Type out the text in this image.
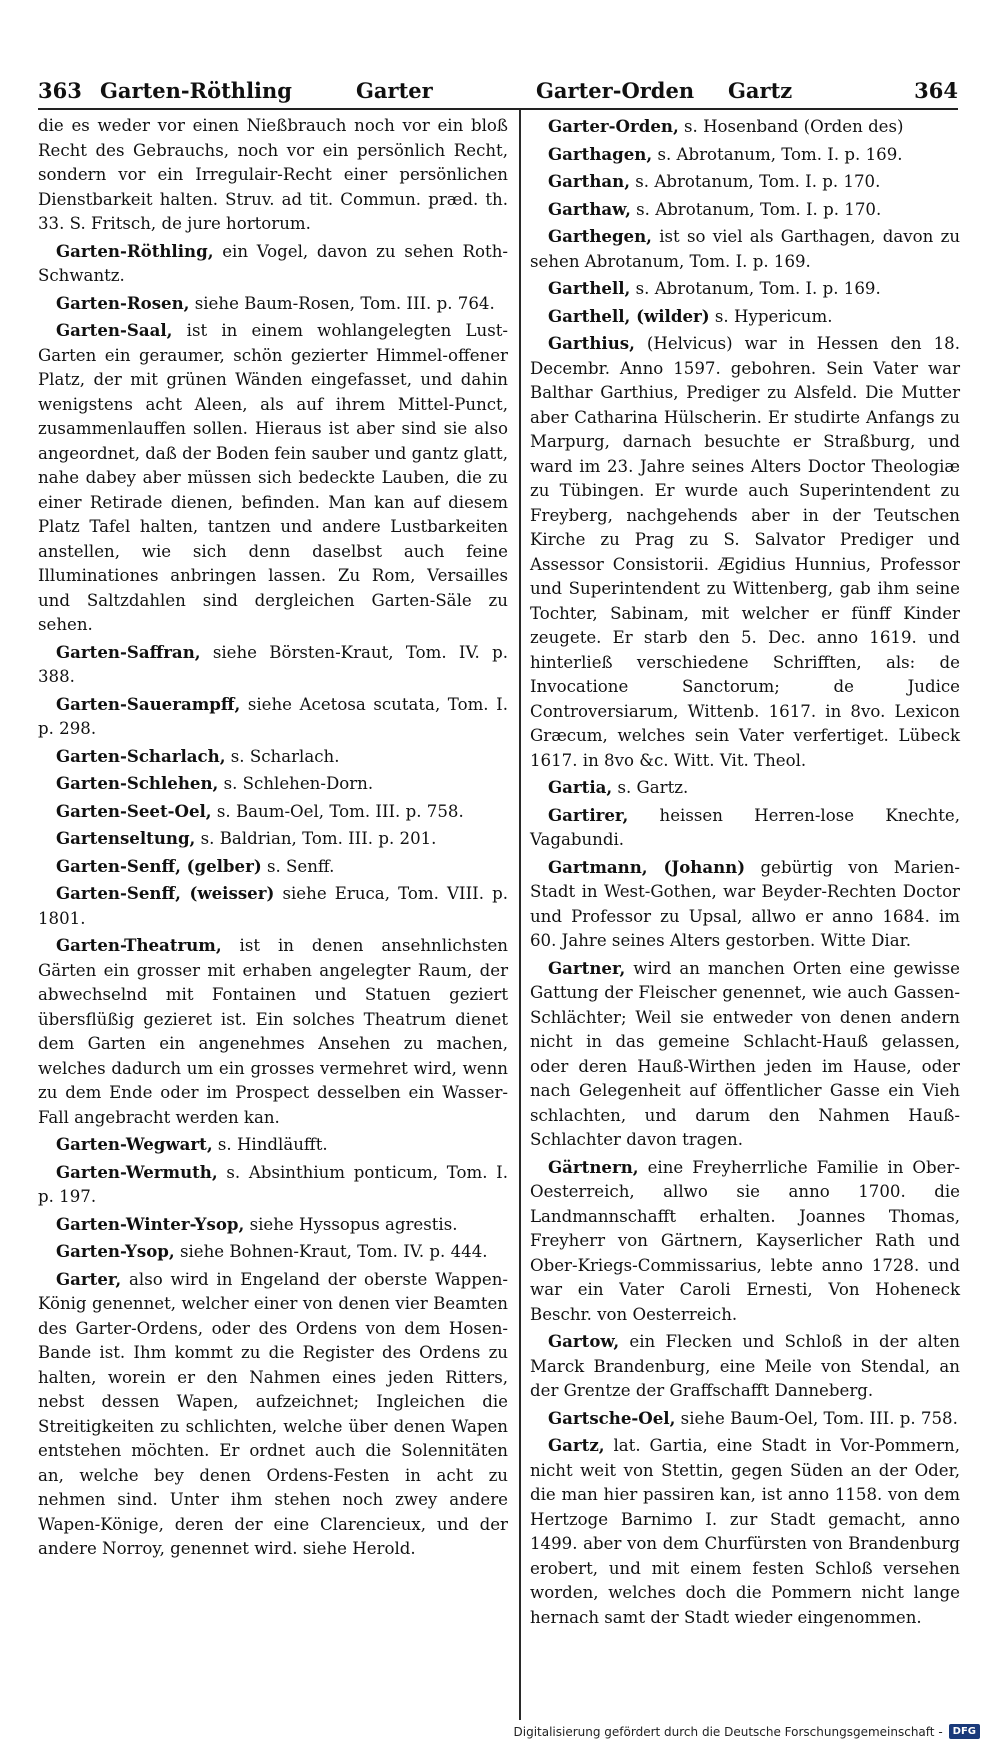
363 Garten-Röthling	Garter	Garter-Orden Gartz	364

die es weder vor einen Nießbrauch noch vor ein bloß Recht des Gebrauchs, noch vor ein persönlich Recht, sondern vor ein Irregulair-Recht einer persönlichen Dienstbarkeit halten. Struv. ad tit. Commun. præd. th. 33. S. Fritsch, de jure hortorum.

Garten-Röthling, ein Vogel, davon zu sehen Roth-Schwantz.

Garten-Rosen, siehe Baum-Rosen, Tom. III. p. 764.

Garten-Saal, ist in einem wohlangelegten Lust-Garten ein geraumer, schön gezierter Himmel-offener Platz, der mit grünen Wänden eingefasset, und dahin wenigstens acht Aleen, als auf ihrem Mittel-Punct, zusammenlauffen sollen. Hieraus ist aber sind sie also angeordnet, daß der Boden fein sauber und gantz glatt, nahe dabey aber müssen sich bedeckte Lauben, die zu einer Retirade dienen, befinden. Man kan auf diesem Platz Tafel halten, tantzen und andere Lustbarkeiten anstellen, wie sich denn daselbst auch feine Illuminationes anbringen lassen. Zu Rom, Versailles und Saltzdahlen sind dergleichen Garten-Säle zu sehen.

Garten-Saffran, siehe Börsten-Kraut, Tom. IV. p. 388.

Garten-Sauerampff, siehe Acetosa scutata, Tom. I. p. 298.

Garten-Scharlach, s. Scharlach.

Garten-Schlehen, s. Schlehen-Dorn.

Garten-Seet-Oel, s. Baum-Oel, Tom. III. p. 758.

Gartenseltung, s. Baldrian, Tom. III. p. 201.

Garten-Senff, (gelber) s. Senff.

Garten-Senff, (weisser) siehe Eruca, Tom. VIII. p. 1801.

Garten-Theatrum, ist in denen ansehnlichsten Gärten ein grosser mit erhaben angelegter Raum, der abwechselnd mit Fontainen und Statuen geziert übersflüßig gezieret ist. Ein solches Theatrum dienet dem Garten ein angenehmes Ansehen zu machen, welches dadurch um ein grosses vermehret wird, wenn zu dem Ende oder im Prospect desselben ein Wasser-Fall angebracht werden kan.

Garten-Wegwart, s. Hindläufft.

Garten-Wermuth, s. Absinthium ponticum, Tom. I. p. 197.

Garten-Winter-Ysop, siehe Hyssopus agrestis.

Garten-Ysop, siehe Bohnen-Kraut, Tom. IV. p. 444.

Garter, also wird in Engeland der oberste Wappen-König genennet, welcher einer von denen vier Beamten des Garter-Ordens, oder des Ordens von dem Hosen-Bande ist. Ihm kommt zu die Register des Ordens zu halten, worein er den Nahmen eines jeden Ritters, nebst dessen Wapen, aufzeichnet; Ingleichen die Streitigkeiten zu schlichten, welche über denen Wapen entstehen möchten. Er ordnet auch die Solennitäten an, welche bey denen Ordens-Festen in acht zu nehmen sind. Unter ihm stehen noch zwey andere Wapen-Könige, deren der eine Clarencieux, und der andere Norroy, genennet wird. siehe Herold.

Garter-Orden, s. Hosenband (Orden des)

Garthagen, s. Abrotanum, Tom. I. p. 169.

Garthan, s. Abrotanum, Tom. I. p. 170.

Garthaw, s. Abrotanum, Tom. I. p. 170.

Garthegen, ist so viel als Garthagen, davon zu sehen Abrotanum, Tom. I. p. 169.

Garthell, s. Abrotanum, Tom. I. p. 169.

Garthell, (wilder) s. Hypericum.

Garthius, (Helvicus) war in Hessen den 18. Decembr. Anno 1597. gebohren. Sein Vater war Balthar Garthius, Prediger zu Alsfeld. Die Mutter aber Catharina Hülscherin. Er studirte Anfangs zu Marpurg, darnach besuchte er Straßburg, und ward im 23. Jahre seines Alters Doctor Theologiæ zu Tübingen. Er wurde auch Superintendent zu Freyberg, nachgehends aber in der Teutschen Kirche zu Prag zu S. Salvator Prediger und Assessor Consistorii. Ægidius Hunnius, Professor und Superintendent zu Wittenberg, gab ihm seine Tochter, Sabinam, mit welcher er fünff Kinder zeugete. Er starb den 5. Dec. anno 1619. und hinterließ verschiedene Schrifften, als: de Invocatione Sanctorum; de Judice Controversiarum, Wittenb. 1617. in 8vo. Lexicon Græcum, welches sein Vater verfertiget. Lübeck 1617. in 8vo &c. Witt. Vit. Theol.

Gartia, s. Gartz.

Gartirer, heissen Herren-lose Knechte, Vagabundi.

Gartmann, (Johann) gebürtig von Marien-Stadt in West-Gothen, war Beyder-Rechten Doctor und Professor zu Upsal, allwo er anno 1684. im 60. Jahre seines Alters gestorben. Witte Diar.

Gartner, wird an manchen Orten eine gewisse Gattung der Fleischer genennet, wie auch Gassen-Schlächter; Weil sie entweder von denen andern nicht in das gemeine Schlacht-Hauß gelassen, oder deren Hauß-Wirthen jeden im Hause, oder nach Gelegenheit auf öffentlicher Gasse ein Vieh schlachten, und darum den Nahmen Hauß-Schlachter davon tragen.

Gärtnern, eine Freyherrliche Familie in Ober-Oesterreich, allwo sie anno 1700. die Landmannschafft erhalten. Joannes Thomas, Freyherr von Gärtnern, Kayserlicher Rath und Ober-Kriegs-Commissarius, lebte anno 1728. und war ein Vater Caroli Ernesti, Von Hoheneck Beschr. von Oesterreich.

Gartow, ein Flecken und Schloß in der alten Marck Brandenburg, eine Meile von Stendal, an der Grentze der Graffschafft Danneberg.

Gartsche-Oel, siehe Baum-Oel, Tom. III. p. 758.

Gartz, lat. Gartia, eine Stadt in Vor-Pommern, nicht weit von Stettin, gegen Süden an der Oder, die man hier passiren kan, ist anno 1158. von dem Hertzoge Barnimo I. zur Stadt gemacht, anno 1499. aber von dem Churfürsten von Brandenburg erobert, und mit einem festen Schloß versehen worden, welches doch die Pommern nicht lange hernach samt der Stadt wieder eingenommen.

Digitalisierung gefördert durch die Deutsche Forschungsgemeinschaft -	DFG
